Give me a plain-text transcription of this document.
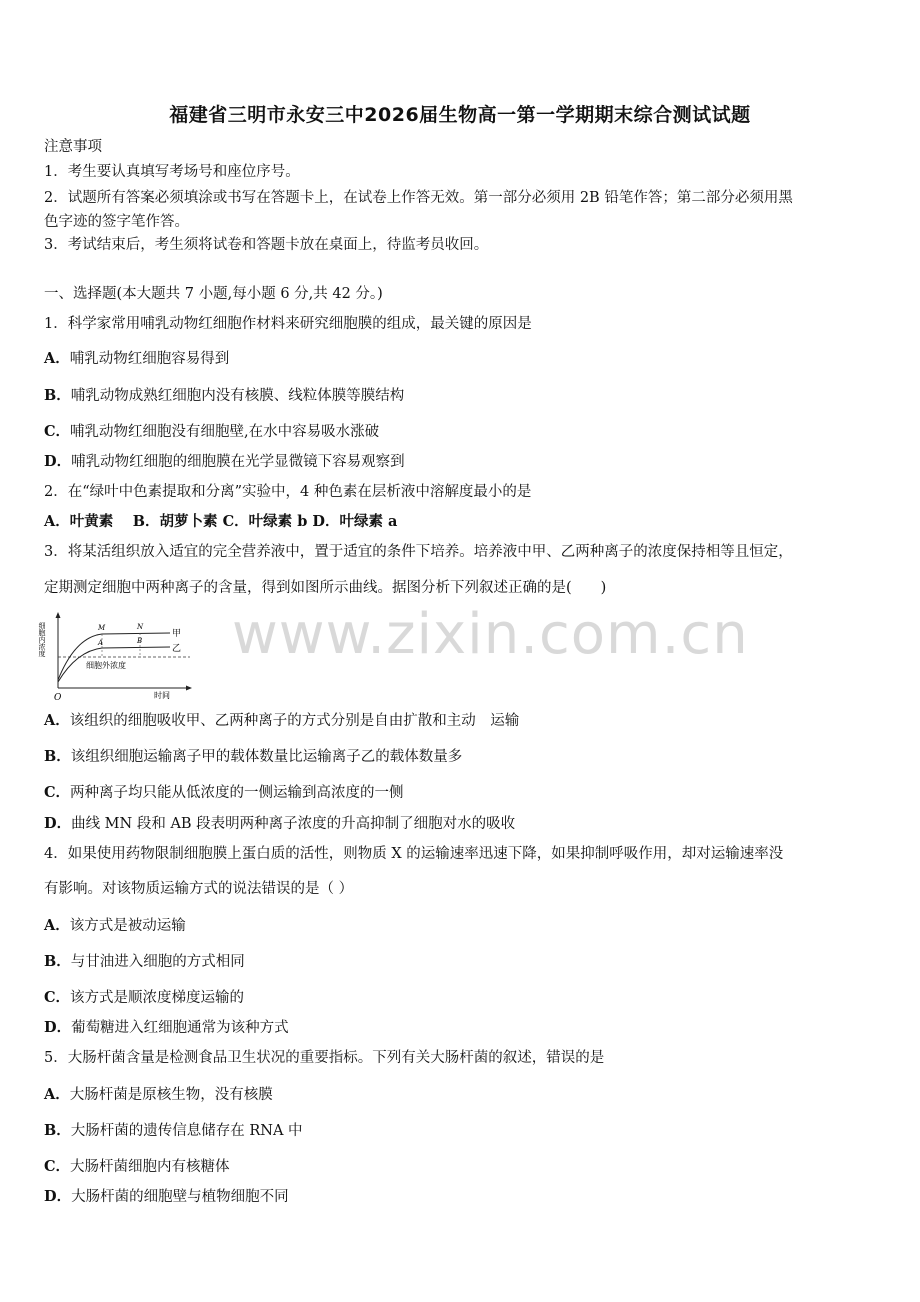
福建省三明市永安三中2026届生物高一第一学期期末综合测试试题
注意事项
1．考生要认真填写考场号和座位序号。
2．试题所有答案必须填涂或书写在答题卡上，在试卷上作答无效。第一部分必须用 2B 铅笔作答；第二部分必须用黑
色字迹的签字笔作答。
3．考试结束后，考生须将试卷和答题卡放在桌面上，待监考员收回。
一、选择题(本大题共 7 小题,每小题 6 分,共 42 分。)
1．科学家常用哺乳动物红细胞作材料来研究细胞膜的组成，最关键的原因是
A．哺乳动物红细胞容易得到
B．哺乳动物成熟红细胞内没有核膜、线粒体膜等膜结构
C．哺乳动物红细胞没有细胞壁,在水中容易吸水涨破
D．哺乳动物红细胞的细胞膜在光学显微镜下容易观察到
2．在“绿叶中色素提取和分离”实验中，4 种色素在层析液中溶解度最小的是
A．叶黄素　 B．胡萝卜素 C．叶绿素 b D．叶绿素 a
3．将某活组织放入适宜的完全营养液中，置于适宜的条件下培养。培养液中甲、乙两种离子的浓度保持相等且恒定，
定期测定细胞中两种离子的含量，得到如图所示曲线。据图分析下列叙述正确的是(　　)
细胞内浓度
O	时间
甲
乙
细胞外浓度
M	N
A	B www.zixin.com.cn
A．该组织的细胞吸收甲、乙两种离子的方式分别是自由扩散和主动　运输
B．该组织细胞运输离子甲的载体数量比运输离子乙的载体数量多
C．两种离子均只能从低浓度的一侧运输到高浓度的一侧
D．曲线 MN 段和 AB 段表明两种离子浓度的升高抑制了细胞对水的吸收
4．如果使用药物限制细胞膜上蛋白质的活性，则物质 X 的运输速率迅速下降，如果抑制呼吸作用，却对运输速率没
有影响。对该物质运输方式的说法错误的是（ ）
A．该方式是被动运输
B．与甘油进入细胞的方式相同
C．该方式是顺浓度梯度运输的
D．葡萄糖进入红细胞通常为该种方式
5．大肠杆菌含量是检测食品卫生状况的重要指标。下列有关大肠杆菌的叙述，错误的是
A．大肠杆菌是原核生物，没有核膜
B．大肠杆菌的遗传信息储存在 RNA 中
C．大肠杆菌细胞内有核糖体
D．大肠杆菌的细胞壁与植物细胞不同
